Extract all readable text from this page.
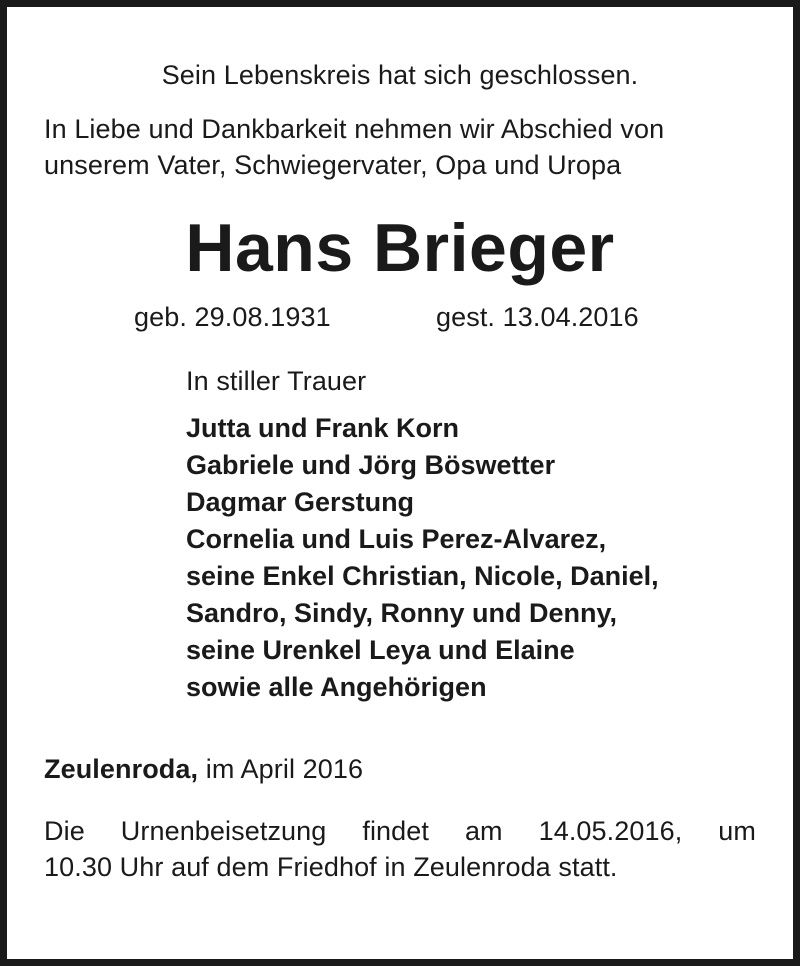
Sein Lebenskreis hat sich geschlossen.

In Liebe und Dankbarkeit nehmen wir Abschied von

unserem Vater, Schwiegervater, Opa und Uropa

Hans Brieger

geb. 29.08.1931	gest. 13.04.2016

In stiller Trauer

Jutta und Frank Korn
Gabriele und Jörg Böswetter
Dagmar Gerstung
Cornelia und Luis Perez-Alvarez,
seine Enkel Christian, Nicole, Daniel,
Sandro, Sindy, Ronny und Denny,
seine Urenkel Leya und Elaine
sowie alle Angehörigen

Zeulenroda, im April 2016

Die Urnenbeisetzung findet am 14.05.2016, um

10.30 Uhr auf dem Friedhof in Zeulenroda statt.
